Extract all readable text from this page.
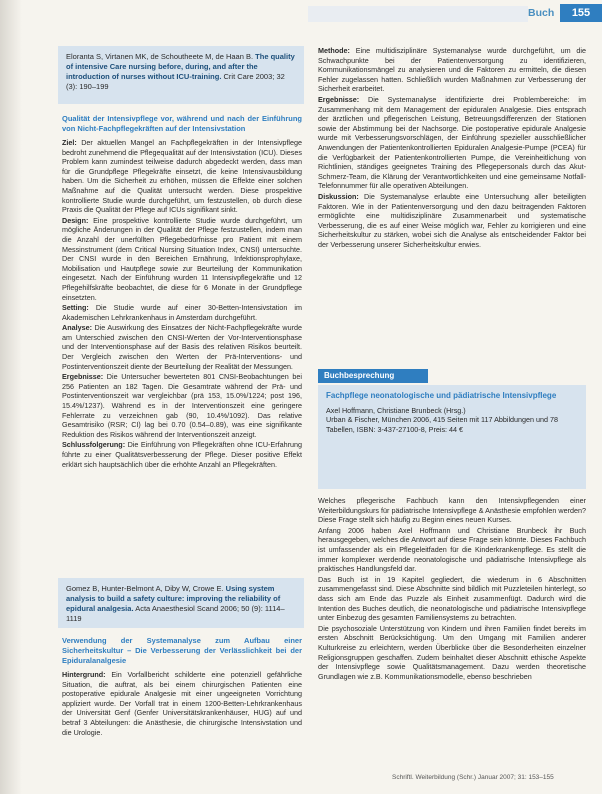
Buch	155
Eloranta S, Virtanen MK, de Schoutheete M, de Haan B. The quality of intensive Care nursing before, during, and after the introduction of nurses without ICU-training. Crit Care 2003; 32 (3): 190–199
Qualität der Intensivpflege vor, während und nach der Einführung von Nicht-Fachpflegekräften auf der Intensivstation

Ziel: Der aktuellen Mangel an Fachpflegekräften in der Intensivpflege bedroht zunehmend die Pflegequalität auf der Intensivstation (ICU). Dieses Problem kann zumindest teilweise dadurch abgedeckt werden, dass man für die Grundpflege Pflegekräfte einsetzt, die keine Intensivausbildung haben. Um die Sicherheit zu erhöhen, müssen die Effekte einer solchen Maßnahme auf die Qualität untersucht werden. Diese prospektive kontrollierte Studie wurde durchgeführt, um festzustellen, ob durch diese Praxis die Qualität der Pflege auf ICUs signifikant sinkt.

Design: Eine prospektive kontrollierte Studie wurde durchgeführt, um mögliche Änderungen in der Qualität der Pflege festzustellen, indem man die Anzahl der unerfüllten Pflegebedürfnisse pro Patient mit einem Messinstrument (dem Critical Nursing Situation Index, CNSI) untersuchte. Der CNSI wurde in den Bereichen Ernährung, Infektionsprophylaxe, Mobilisation und Hautpflege sowie zur Beurteilung der Kommunikation eingesetzt. Nach der Einführung wurden 11 Intensivpflegekräfte und 12 Pflegehilfskräfte beobachtet, die diese für 6 Monate in der Grundpflege einsetzten.

Setting: Die Studie wurde auf einer 30-Betten-Intensivstation im Akademischen Lehrkrankenhaus in Amsterdam durchgeführt.

Analyse: Die Auswirkung des Einsatzes der Nicht-Fachpflegekräfte wurde am Unterschied zwischen den CNSI-Werten der Vor-Interventionsphase und der Interventionsphase auf der Basis des relativen Risikos beurteilt. Der Vergleich zwischen den Werten der Prä-Interventions- und Postinterventionszeit diente der Beurteilung der Realität der Messungen.

Ergebnisse: Die Untersucher bewerteten 801 CNSI-Beobachtungen bei 256 Patienten an 182 Tagen. Die Gesamtrate während der Prä- und Postinterventionszeit war vergleichbar (prä 153, 15.0%/1224; post 196, 15.4%/1237). Während es in der Interventionszeit eine geringere Fehlerrate zu verzeichnen gab (90, 10.4%/1092). Das relative Gesamtrisiko (RSR; CI) lag bei 0.70 (0.54–0.89), was eine signifikante Reduktion des Risikos während der Interventionszeit anzeigt.

Schlussfolgerung: Die Einführung von Pflegekräften ohne ICU-Erfahrung führte zu einer Qualitätsverbesserung der Pflege. Dieser positive Effekt erklärt sich hauptsächlich über die erhöhte Anzahl an Pflegekräften.

Gomez B, Hunter-Belmont A, Diby W, Crowe E. Using system analysis to build a safety culture: improving the reliability of epidural analgesia. Acta Anaesthesiol Scand 2006; 50 (9): 1114–1119
Verwendung der Systemanalyse zum Aufbau einer Sicherheitskultur – Die Verbesserung der Verlässlichkeit bei der Epiduralanalgesie

Hintergrund: Ein Vorfallbericht schilderte eine potenziell gefährliche Situation, die auftrat, als bei einem chirurgischen Patienten eine postoperative epidurale Analgesie mit einer ungeeigneten Vorrichtung appliziert wurde. Der Vorfall trat in einem 1200-Betten-Lehrkrankenhaus der Universität Genf (Genfer Universitätskrankenhäuser, HUG) auf und betraf 3 Abteilungen: die Anästhesie, die chirurgische Intensivstation und die Urologie.

Methode: Eine multidisziplinäre Systemanalyse wurde durchgeführt, um die Schwachpunkte bei der Patientenversorgung zu identifizieren, Kommunikationsmängel zu analysieren und die Faktoren zu ermitteln, die diesen Fehler zugelassen hatten. Schließlich wurden Maßnahmen zur Verbesserung der Sicherheit erarbeitet.

Ergebnisse: Die Systemanalyse identifizierte drei Problembereiche: im Zusammenhang mit dem Management der epiduralen Analgesie. Dies entsprach der ärztlichen und pflegerischen Leistung, Betreuungsdifferenzen der Stationen sowie der Abstimmung bei der Nachsorge. Die postoperative epidurale Analgesie wurde mit Verbesserungsvorschlägen, der Einführung spezieller ausschließlicher Anwendungen der Patientenkontrollierten Epiduralen Analgesie-Pumpe (PCEA) für die Verfügbarkeit der Patientenkontrollierten Pumpe, die Vereinheitlichung von Richtlinien, ständiges geeignetes Training des Pflegepersonals durch das Akut-Schmerz-Team, die Klärung der Verantwortlichkeiten und eine gemeinsame Notfall-Telefonnummer für alle operativen Abteilungen.

Diskussion: Die Systemanalyse erlaubte eine Untersuchung aller beteiligten Faktoren. Wie in der Patientenversorgung und den dazu beitragenden Faktoren ermöglichte eine multidisziplinäre Zusammenarbeit und systematische Verbesserung, die es auf einer Weise möglich war, Fehler zu korrigieren und eine Sicherheitskultur zu stärken, wobei sich die Analyse als entscheidender Faktor bei der Verbesserung unserer Sicherheitskultur erwies.

Buchbesprechung
Fachpflege neonatologische und pädiatrische Intensivpflege
Axel Hoffmann, Christiane Brunbeck (Hrsg.)
Urban & Fischer, München 2006, 415 Seiten mit 117 Abbildungen und 78 Tabellen, ISBN: 3-437-27100-8, Preis: 44 €

Welches pflegerische Fachbuch kann den Intensivpflegenden einer Weiterbildungskurs für pädiatrische Intensivpflege & Anästhesie empfohlen werden? Diese Frage stellt sich häufig zu Beginn eines neuen Kurses.

Anfang 2006 haben Axel Hoffmann und Christiane Brunbeck ihr Buch herausgegeben, welches die Antwort auf diese Frage sein könnte. Dieses Fachbuch ist umfassender als ein Pflegeleitfaden für die Kinderkrankenpflege. Es stellt die immer komplexer werdende neonatologische und pädiatrische Intensivpflege als praktisches Handlungsfeld dar.

Das Buch ist in 19 Kapitel gegliedert, die wiederum in 6 Abschnitten zusammengefasst sind. Diese Abschnitte sind bildlich mit Puzzleteilen hinterlegt, so dass sich am Ende das Puzzle als Einheit zusammenfügt. Dadurch wird die Intention des Buches deutlich, die neonatologische und pädiatrische Intensivpflege unter Einbezug des gesamten Familiensystems zu betrachten.

Die psychosoziale Unterstützung von Kindern und ihren Familien findet bereits im ersten Abschnitt Berücksichtigung. Um den Umgang mit Familien anderer Kulturkreise zu erleichtern, werden Überblicke über die Besonderheiten einzelner Religionsgruppen geschaffen. Zudem beinhaltet dieser Abschnitt ethische Aspekte der Intensivpflege sowie Qualitätsmanagement. Dazu werden theoretische Grundlagen wie z.B. Kommunikationsmodelle, ebenso beschrieben

Schriftl. Weiterbildung (Schr.) Januar 2007; 31: 153–155
